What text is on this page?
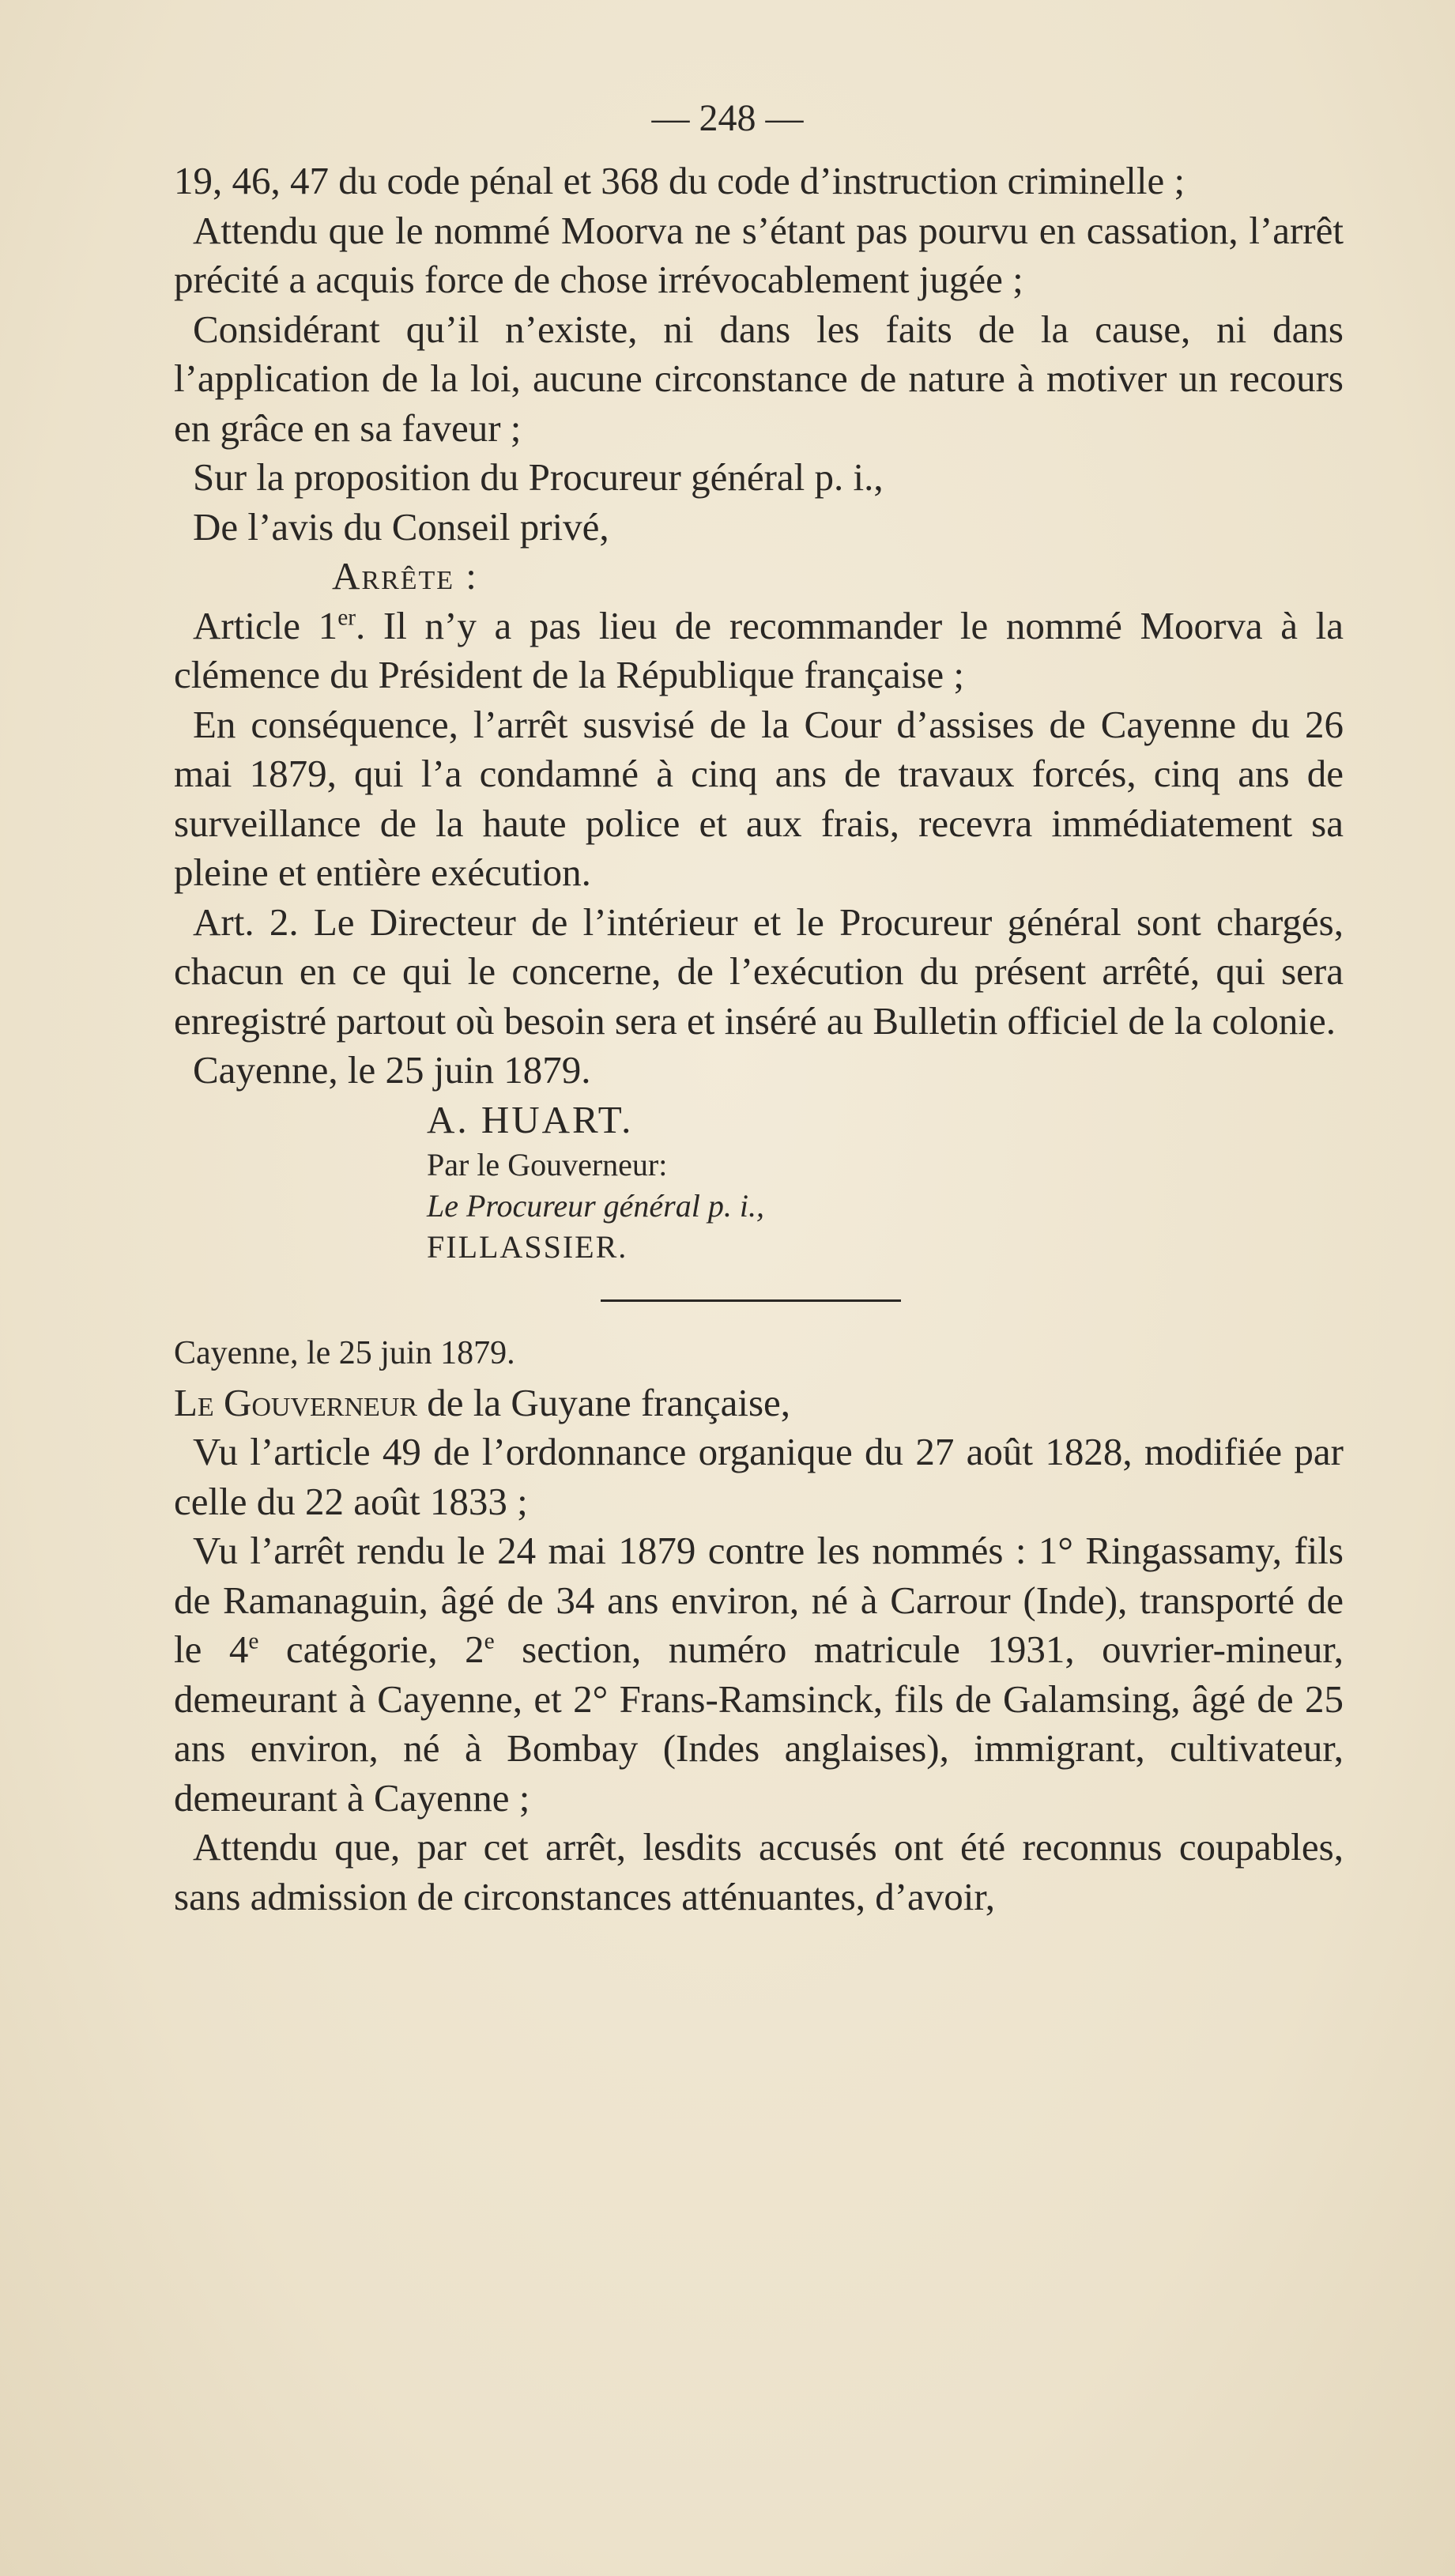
— 248 —

19, 46, 47 du code pénal et 368 du code d’instruction criminelle ;

Attendu que le nommé Moorva ne s’étant pas pourvu en cassation, l’arrêt précité a acquis force de chose irrévocablement jugée ;

Considérant qu’il n’existe, ni dans les faits de la cause, ni dans l’application de la loi, aucune circonstance de nature à motiver un recours en grâce en sa faveur ;

Sur la proposition du Procureur général p. i.,

De l’avis du Conseil privé,

Arrête :

Article 1er. Il n’y a pas lieu de recommander le nommé Moorva à la clémence du Président de la République française ;

En conséquence, l’arrêt susvisé de la Cour d’assises de Cayenne du 26 mai 1879, qui l’a condamné à cinq ans de travaux forcés, cinq ans de surveillance de la haute police et aux frais, recevra immédiatement sa pleine et entière exécution.

Art. 2. Le Directeur de l’intérieur et le Procureur général sont chargés, chacun en ce qui le concerne, de l’exécution du présent arrêté, qui sera enregistré partout où besoin sera et inséré au Bulletin officiel de la colonie.

Cayenne, le 25 juin 1879.

A. HUART.

Par le Gouverneur:

Le Procureur général p. i.,

FILLASSIER.

Cayenne, le 25 juin 1879.

Le Gouverneur de la Guyane française,

Vu l’article 49 de l’ordonnance organique du 27 août 1828, modifiée par celle du 22 août 1833 ;

Vu l’arrêt rendu le 24 mai 1879 contre les nommés : 1° Ringassamy, fils de Ramanaguin, âgé de 34 ans environ, né à Carrour (Inde), transporté de le 4e catégorie, 2e section, numéro matricule 1931, ouvrier-mineur, demeurant à Cayenne, et 2° Frans-Ramsinck, fils de Galamsing, âgé de 25 ans environ, né à Bombay (Indes anglaises), immigrant, cultivateur, demeurant à Cayenne ;

Attendu que, par cet arrêt, lesdits accusés ont été reconnus coupables, sans admission de circonstances atténuantes, d’avoir,
